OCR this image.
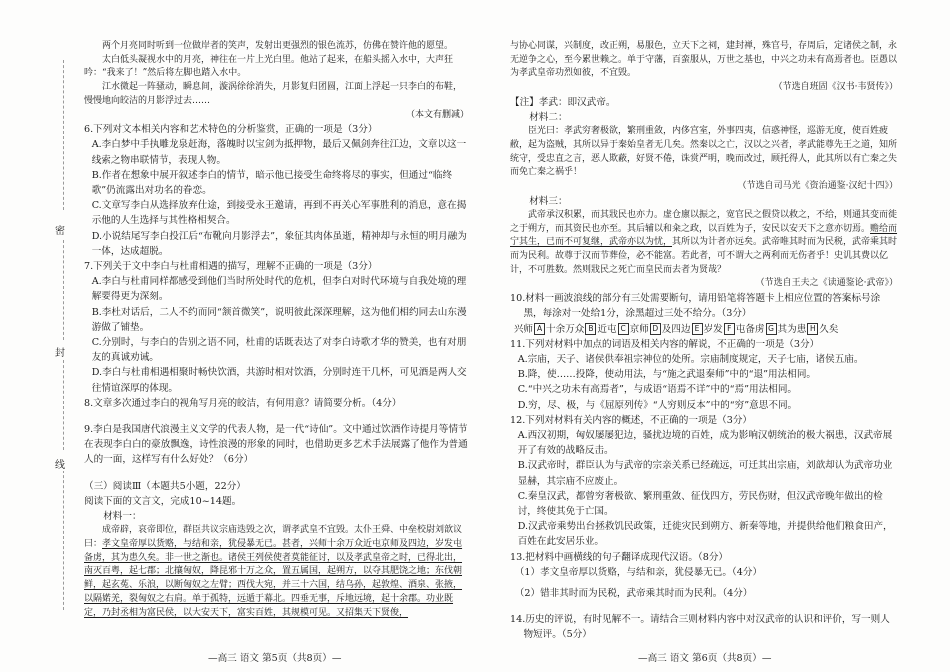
密
封
线

两个月亮同时听到一位做岸者的笑声，发射出更强烈的银色流苏，仿佛在赞许他的愿望。

太白低头凝视水中的月亮，神往在一片上光白里。他站了起来，在船头摇入水中，大声狂吟：“我来了！”然后将左脚也踏入水中。

江水微起一阵骚动，瞬息间，漩涡徐徐消失，月影复归团圆，江面上浮起一只李白的布鞋，慢慢地向皎洁的月影浮过去……

（本文有删减）

6.下列对文本相关内容和艺术特色的分析鉴赏，正确的一项是（3分）

A.李白梦中手执雕龙泉赶海，落魄时以宝剑为抵押物，最后又佩剑奔往江边，文章以这一线索之物串联情节，表现人物。

B.作者在想象中展开叙述李白的情节，暗示他已接受生命终将尽的事实，但通过“临终歌”仍流露出对功名的眷恋。

C.文章写李白从选择放弃仕途，到接受永王邀请，再到不再关心军事胜利的消息，意在揭示他的人生选择与其性格相契合。

D.小说结尾写李白投江后“布靴向月影浮去”，象征其肉体虽逝，精神却与永恒的明月融为一体，达成超脱。

7.下列关于文中李白与杜甫相遇的描写，理解不正确的一项是（3分）

A.李白与杜甫同样都感受到他们当时所处时代的危机，但李白对时代环境与自我处境的理解要得更为深刻。

B.李杜对话后，二人不约而同“颔首微笑”，说明彼此深深理解，这为他们相约同去山东漫游做了铺垫。

C.分别时，与李白的告别之语不同，杜甫的话既表达了对李白诗歌才华的赞美，也有对朋友的真诚劝诫。

D.李白与杜甫相遇相聚时畅快饮酒，共游时相对饮酒，分别时连干几杯，可见酒是两人交往情谊深厚的体现。

8.文章多次通过李白的视角写月亮的皎洁，有何用意？请简要分析。（4分）

9.李白是我国唐代浪漫主义文学的代表人物，是一代“诗仙”。文中通过饮酒作诗提月等情节在表现李白白的豪放飘逸，诗性浪漫的形象的同时，也借助更多艺术手法展露了他作为普通人的一面，这样写有什么好处？（6分）

（三）阅读Ⅲ（本题共5小题，22分）

阅读下面的文言文，完成10~14题。

材料一：

成帝辟，哀帝即位，群臣共议宗庙迭毁之次，谓孝武皇不宜毁。太仆王舜、中垒校尉刘歆议曰：孝文皇帝厚以货赂，与结和亲，犹侵暴无已。甚者，兴师十余万众近屯京师及四边，岁发屯备虏，其为患久矣。非一世之渐也。诸侯王列侯使者莫能征讨，以及孝武皇帝之时，已得北出，南灭百粤，起七郡；北攘匈奴，降昆邪十万之众，置五属国，起朔方，以夺其肥饶之地；东伐朝鲜，起玄菟、乐浪，以断匈奴之左臂；西伐大宛，并三十六国，结乌孙，起敦煌、酒泉、张掖，以隔婼羌，裂匈奴之右肩。单于孤特，远遁于幕北。四垂无事，斥地远境，起十余郡。功业既定，乃封丞相为富民侯，以大安天下，富实百姓，其规模可见。又招集天下贤俊，

—高三 语文 第5页（共8页）—

与协心同谋，兴制度，改正朔，易服色，立天下之祠，建封禅，殊官号，存周后，定诸侯之制，永无逆争之心，至今累世赖之。单于守藩，百蛮服从，万世之基也，中兴之功未有高焉者也。臣愚以为孝武皇帝功烈如彼，不宜毁。

（节选自班固《汉书·韦贤传》）

【注】孝武：即汉武帝。

材料二：

臣光曰：孝武穷奢极欲，繁刑重敛，内侈宫室，外事四夷，信惑神怪，巡游无度，使百姓疲敝，起为盗贼，其所以异于秦始皇者无几矣。然秦以之亡，汉以之兴者，孝武能尊先王之道，知所统守，受忠直之言，恶人欺蔽，好贤不倦，诛赏严明，晚而改过，顾托得人，此其所以有亡秦之失而免亡秦之祸乎！

（节选自司马光《资治通鉴·汉纪十四》）

材料三：

武帝承汉积累，而其戕民也亦力。虚仓廪以振之，宽官民之假贷以救之，不给，则通其变而徙之于朔方，而其资民也亦至。其后辅以和籴之政，以百姓为子，安民以安天下之意亦切焉。赡给而宁其生，已而不可复继，武帝亦以为忧，其所以为计者亦远矣。武帝唯其时而为民税，武帝乘其时而为民利。故尊于汉而节葬俭，必不能富。若此者，可不谓大之两利而无伤者乎！史讥其费以亿计，不可胜数。然则戕民之死亡而皇民而去者为贤哉？

（节选自王夫之《读通鉴论·武帝》）

10.材料一画波浪线的部分有三处需要断句，请用铅笔将答题卡上相应位置的答案标号涂黑，每涂对一处给1分，涂黑超过三处不给分。（3分）

兴师 A 十余万众 B 近屯 C 京师 D 及四边 E 岁发 F 屯备虏 G 其为患 H 久矣

11.下列对材料中加点的词语及相关内容的解说，不正确的一项是（3分）

A.宗庙，天子、诸侯供奉祖宗神位的处所。宗庙制度规定，天子七庙，诸侯五庙。

B.降，使……投降，使动用法，与“施之武退秦师”中的“退”用法相同。

C.“中兴之功未有高焉者”，与成语“语焉不详”中的“焉”用法相同。

D.穷，尽、极，与《屈原列传》“人穷则反本”中的“穷”意思不同。

12.下列对材料有关内容的概述，不正确的一项是（3分）

A.西汉初期，匈奴屡屡犯边，骚扰边境的百姓，成为影响汉朝统治的极大祸患，汉武帝展开了有效的战略反击。

B.汉武帝时，群臣认为与武帝的宗亲关系已经疏远，可迁其出宗庙，刘歆却认为武帝功业显赫，其宗庙不应废止。

C.秦皇汉武，都曾穷奢极欲、繁刑重敛、征伐四方，劳民伤财，但汉武帝晚年做出的检讨，终使其免于亡国。

D.汉武帝乘势出台拯救饥民政策，迁徙灾民到朔方、新秦等地，并提供给他们粮食田产，百姓在此安居乐业。

13.把材料中画横线的句子翻译成现代汉语。（8分）

（1）孝文皇帝厚以货赂，与结和亲，犹侵暴无已。（4分）

（2）错非其时而为民税，武帝乘其时而为民利。（4分）

14.历史的评说，有时见解不一。请结合三则材料内容中对汉武帝的认识和评价，写一则人物短评。（5分）

—高三 语文 第6页（共8页）—
